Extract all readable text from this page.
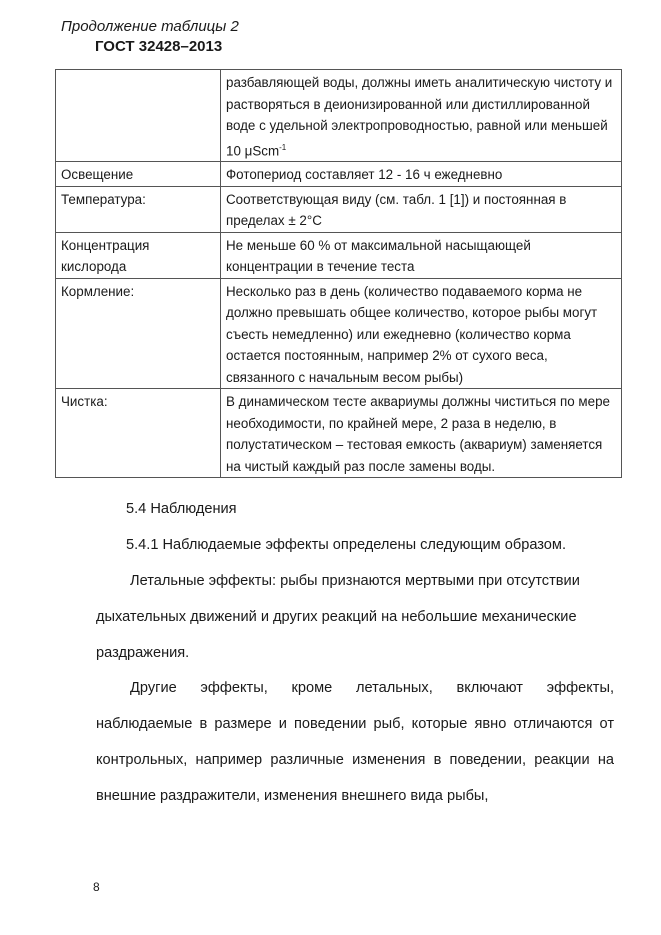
Продолжение таблицы 2
ГОСТ 32428–2013
	разбавляющей воды, должны иметь аналитическую чистоту и растворяться в деионизированной или дистиллированной воде с удельной электропроводностью, равной или меньшей 10 μScm$^{-1}$
Освещение	Фотопериод составляет 12 - 16 ч ежедневно
Температура:	Соответствующая виду (см. табл. 1 [1]) и постоянная в пределах ± 2°С
Концентрация кислорода	Не меньше 60 % от максимальной насыщающей концентрации в течение теста
Кормление:	Несколько раз в день (количество подаваемого корма не должно превышать общее количество, которое рыбы могут съесть немедленно) или ежедневно (количество корма остается постоянным, например 2% от сухого веса, связанного с начальным весом рыбы)
Чистка:	В динамическом тесте аквариумы должны чиститься по мере необходимости, по крайней мере, 2 раза в неделю, в полустатическом – тестовая емкость (аквариум) заменяется на чистый каждый раз после замены воды.
5.4 Наблюдения
5.4.1 Наблюдаемые эффекты определены следующим образом.
Летальные эффекты: рыбы признаются мертвыми при отсутствии
дыхательных движений и других реакций на небольшие механические
раздражения.
Другие эффекты, кроме летальных, включают эффекты, наблюдаемые в размере и поведении рыб, которые явно отличаются от контрольных, например различные изменения в поведении, реакции на внешние раздражители, изменения внешнего вида рыбы,
8
